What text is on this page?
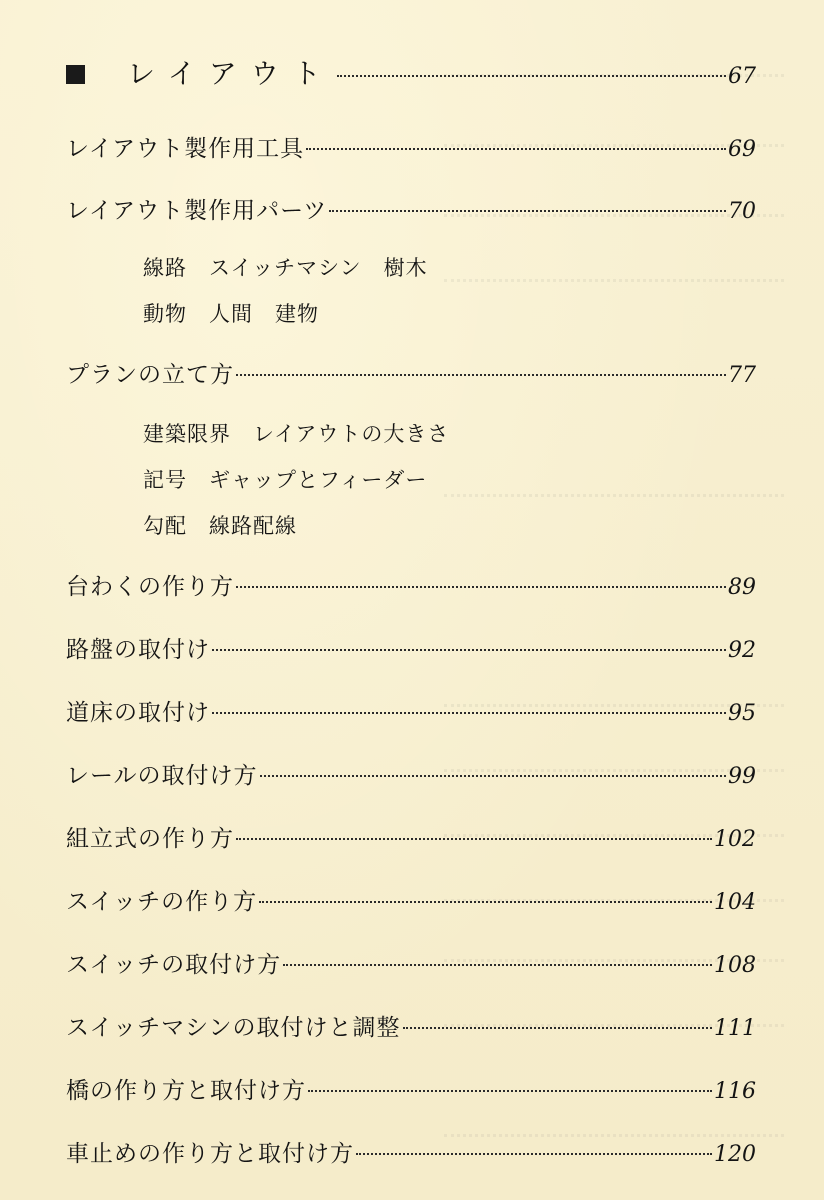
レイアウト	67
レイアウト製作用工具	69
レイアウト製作用パーツ	70
線路　スイッチマシン　樹木
動物　人間　建物
プランの立て方	77
建築限界　レイアウトの大きさ
記号　ギャップとフィーダー
勾配　線路配線
台わくの作り方	89
路盤の取付け	92
道床の取付け	95
レールの取付け方	99
組立式の作り方	102
スイッチの作り方	104
スイッチの取付け方	108
スイッチマシンの取付けと調整	111
橋の作り方と取付け方	116
車止めの作り方と取付け方	120
